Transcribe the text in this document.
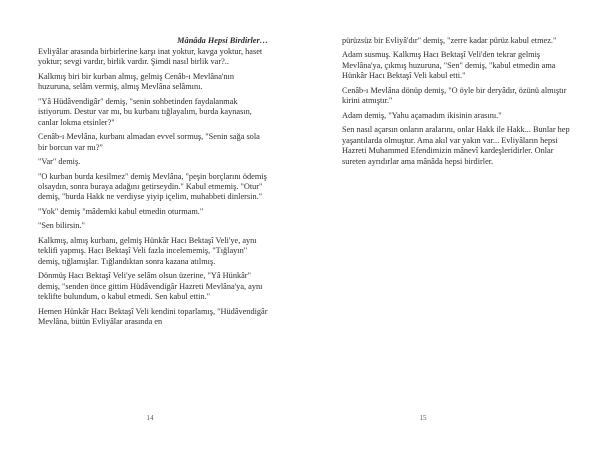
Mânâda Hepsi Birdirler…

Evliyâlar arasında birbirlerine karşı inat yoktur, kavga yoktur, haset yoktur; sevgi vardır, birlik vardır. Şimdi nasıl birlik var?..

Kalkmış biri bir kurban almış, gelmiş Cenâb-ı Mevlâna'nın huzuruna, selâm vermiş, almış Mevlâna selâmını.

"Yâ Hüdâvendigâr" demiş, "senin sohbetinden faydalanmak istiyorum. Destur var mı, bu kurbanı tığlayalım, burda kaynasın, canlar lokma etsinler?"

Cenâb-ı Mevlâna, kurbanı almadan evvel sormuş, "Senin sağa sola bir borcun var mı?"

"Var" demiş.

"O kurban burda kesilmez" demiş Mevlâna, "peşin borçlarını ödemiş olsaydın, sonra buraya adağını getirseydin." Kabul etmemiş. "Otur" demiş, "burda Hakk ne verdiyse yiyip içelim, muhabbeti dinlersin."

"Yok" demiş "mâdemki kabul etmedin oturmam."

"Sen bilirsin."

Kalkmış, almış kurbanı, gelmiş Hünkâr Hacı Bektaşî Veli'ye, aynı teklifi yapmış. Hacı Bektaşî Veli fazla incelememiş, "Tığlayın" demiş, tığlamışlar. Tığlandıktan sonra kazana atılmış.

Dönmüş Hacı Bektaşî Veli'ye selâm olsun üzerine, "Yâ Hünkâr" demiş, "senden önce gittim Hüdâvendigâr Hazreti Mevlâna'ya, aynı teklifte bulundum, o kabul etmedi. Sen kabul ettin."

Hemen Hünkâr Hacı Bektaşî Veli kendini toparlamış, "Hüdâvendigâr Mevlâna, bütün Evliyâlar arasında en

14

pürüzsüz bir Evliyâ'dır" demiş, "zerre kadar pürüz kabul etmez."

Adam susmuş. Kalkmış Hacı Bektaşî Veli'den tekrar gelmiş Mevlâna'ya, çıkmış huzuruna, "Sen" demiş, "kabul etmedin ama Hünkâr Hacı Bektaşî Veli kabul etti."

Cenâb-ı Mevlâna dönüp demiş, "O öyle bir deryâdır, özünü almıştır kirini atmıştır."

Adam demiş, "Yahu açamadım ikisinin arasını."

Sen nasıl açarsın onların aralarını, onlar Hakk ile Hakk... Bunlar hep yaşantılarda olmuştur. Ama akıl var yakın var... Evliyâların hepsi Hazreti Muhammed Efendimizin mânevî kardeşleridirler. Onlar sureten ayrıdırlar ama mânâda hepsi birdirler.

15
